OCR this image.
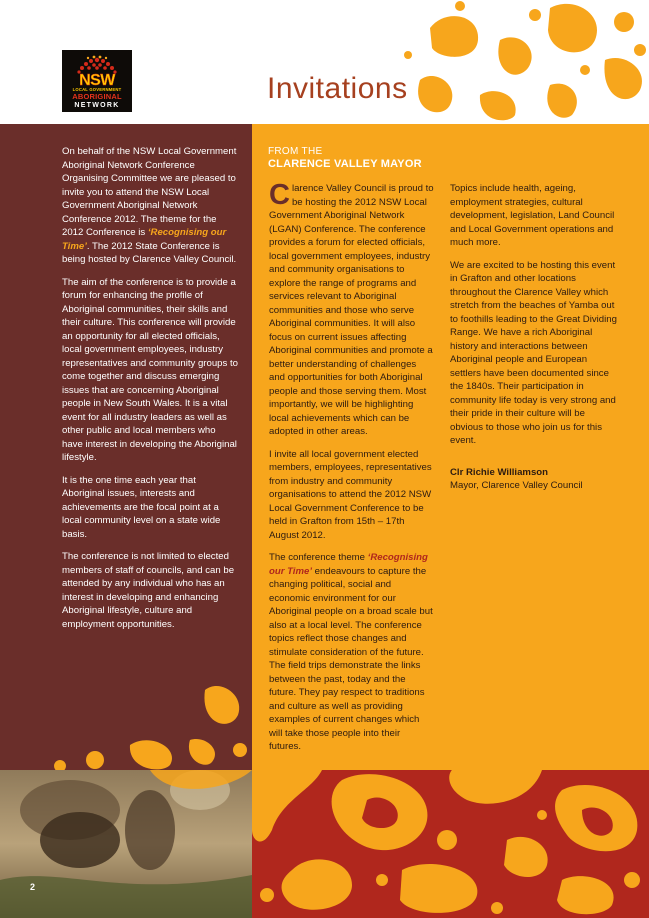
NSW
LOCAL GOVERNMENT
ABORIGINAL
NETWORK
Invitations

On behalf of the NSW Local Government Aboriginal Network Conference Organising Committee we are pleased to invite you to attend the NSW Local Government Aboriginal Network Conference 2012. The theme for the 2012 Conference is ‘Recognising our Time’. The 2012 State Conference is being hosted by Clarence Valley Council.

The aim of the conference is to provide a forum for enhancing the profile of Aboriginal communities, their skills and their culture. This conference will provide an opportunity for all elected officials, local government employees, industry representatives and community groups to come together and discuss emerging issues that are concerning Aboriginal people in New South Wales. It is a vital event for all industry leaders as well as other public and local members who have interest in developing the Aboriginal lifestyle.

It is the one time each year that Aboriginal issues, interests and achievements are the focal point at a local community level on a state wide basis.

The conference is not limited to elected members of staff of councils, and can be attended by any individual who has an interest in developing and enhancing Aboriginal lifestyle, culture and employment opportunities.

FROM THE
CLARENCE VALLEY MAYOR

Clarence Valley Council is proud to be hosting the 2012 NSW Local Government Aboriginal Network (LGAN) Conference. The conference provides a forum for elected officials, local government employees, industry and community organisations to explore the range of programs and services relevant to Aboriginal communities and those who serve Aboriginal communities. It will also focus on current issues affecting Aboriginal communities and promote a better understanding of challenges and opportunities for both Aboriginal people and those serving them. Most importantly, we will be highlighting local achievements which can be adopted in other areas.

I invite all local government elected members, employees, representatives from industry and community organisations to attend the 2012 NSW Local Government Conference to be held in Grafton from 15th – 17th August 2012.

The conference theme ‘Recognising our Time’ endeavours to capture the changing political, social and economic environment for our Aboriginal people on a broad scale but also at a local level. The conference topics reflect those changes and stimulate consideration of the future. The field trips demonstrate the links between the past, today and the future. They pay respect to traditions and culture as well as providing examples of current changes which will take those people into their futures.

Topics include health, ageing, employment strategies, cultural development, legislation, Land Council and Local Government operations and much more.

We are excited to be hosting this event in Grafton and other locations throughout the Clarence Valley which stretch from the beaches of Yamba out to foothills leading to the Great Dividing Range. We have a rich Aboriginal history and interactions between Aboriginal people and European settlers have been documented since the 1840s. Their participation in community life today is very strong and their pride in their culture will be obvious to those who join us for this event.

Clr Richie Williamson
Mayor, Clarence Valley Council
2
